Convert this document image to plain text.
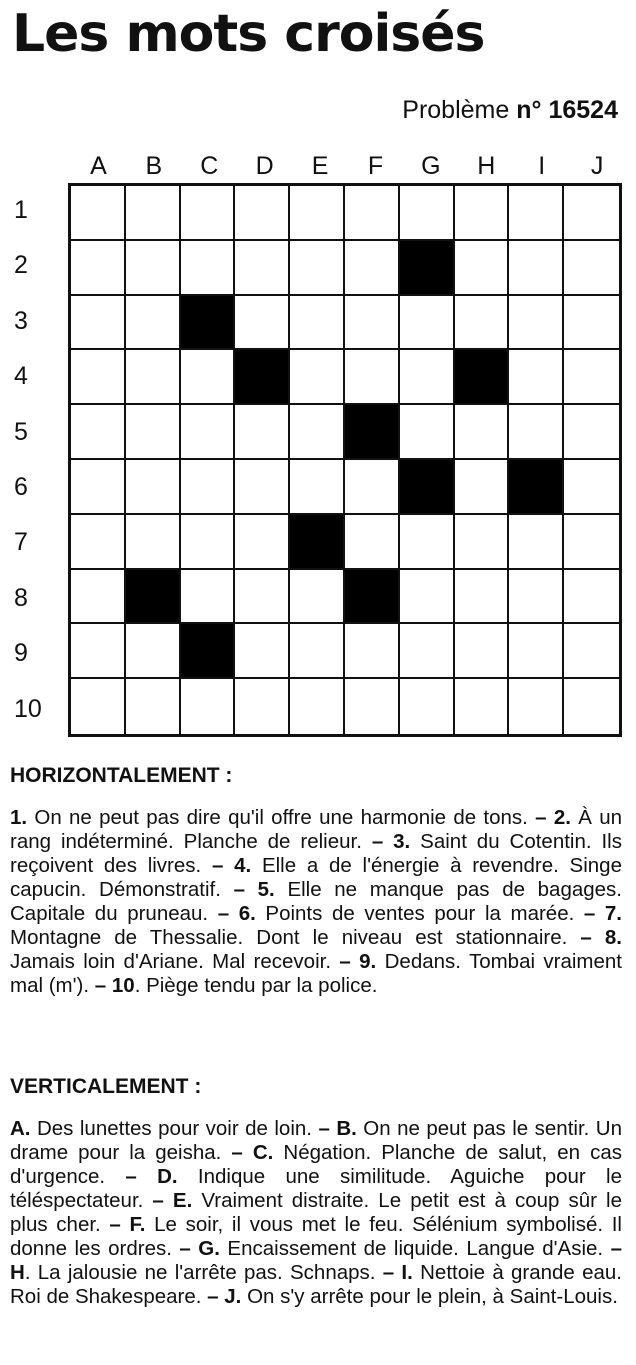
Les mots croisés
Problème n° 16524
A	B	C	D	E	F	G	H	I	J
1
2
3
4
5
6
7
8
9
10
HORIZONTALEMENT :
1. On ne peut pas dire qu'il offre une harmonie de tons. – 2. À un rang indéterminé. Planche de relieur. – 3. Saint du Cotentin. Ils reçoivent des livres. – 4. Elle a de l'énergie à revendre. Singe capucin. Démonstratif. – 5. Elle ne manque pas de bagages. Capitale du pruneau. – 6. Points de ventes pour la marée. – 7. Montagne de Thessalie. Dont le niveau est stationnaire. – 8. Jamais loin d'Ariane. Mal recevoir. – 9. Dedans. Tombai vraiment mal (m'). – 10. Piège tendu par la police.
VERTICALEMENT :
A. Des lunettes pour voir de loin. – B. On ne peut pas le sentir. Un drame pour la geisha. – C. Négation. Planche de salut, en cas d'urgence. – D. Indique une similitude. Aguiche pour le téléspectateur. – E. Vraiment distraite. Le petit est à coup sûr le plus cher. – F. Le soir, il vous met le feu. Sélénium symbolisé. Il donne les ordres. – G. Encaissement de liquide. Langue d'Asie. – H. La jalousie ne l'arrête pas. Schnaps. – I. Nettoie à grande eau. Roi de Shakespeare. – J. On s'y arrête pour le plein, à Saint-Louis.
